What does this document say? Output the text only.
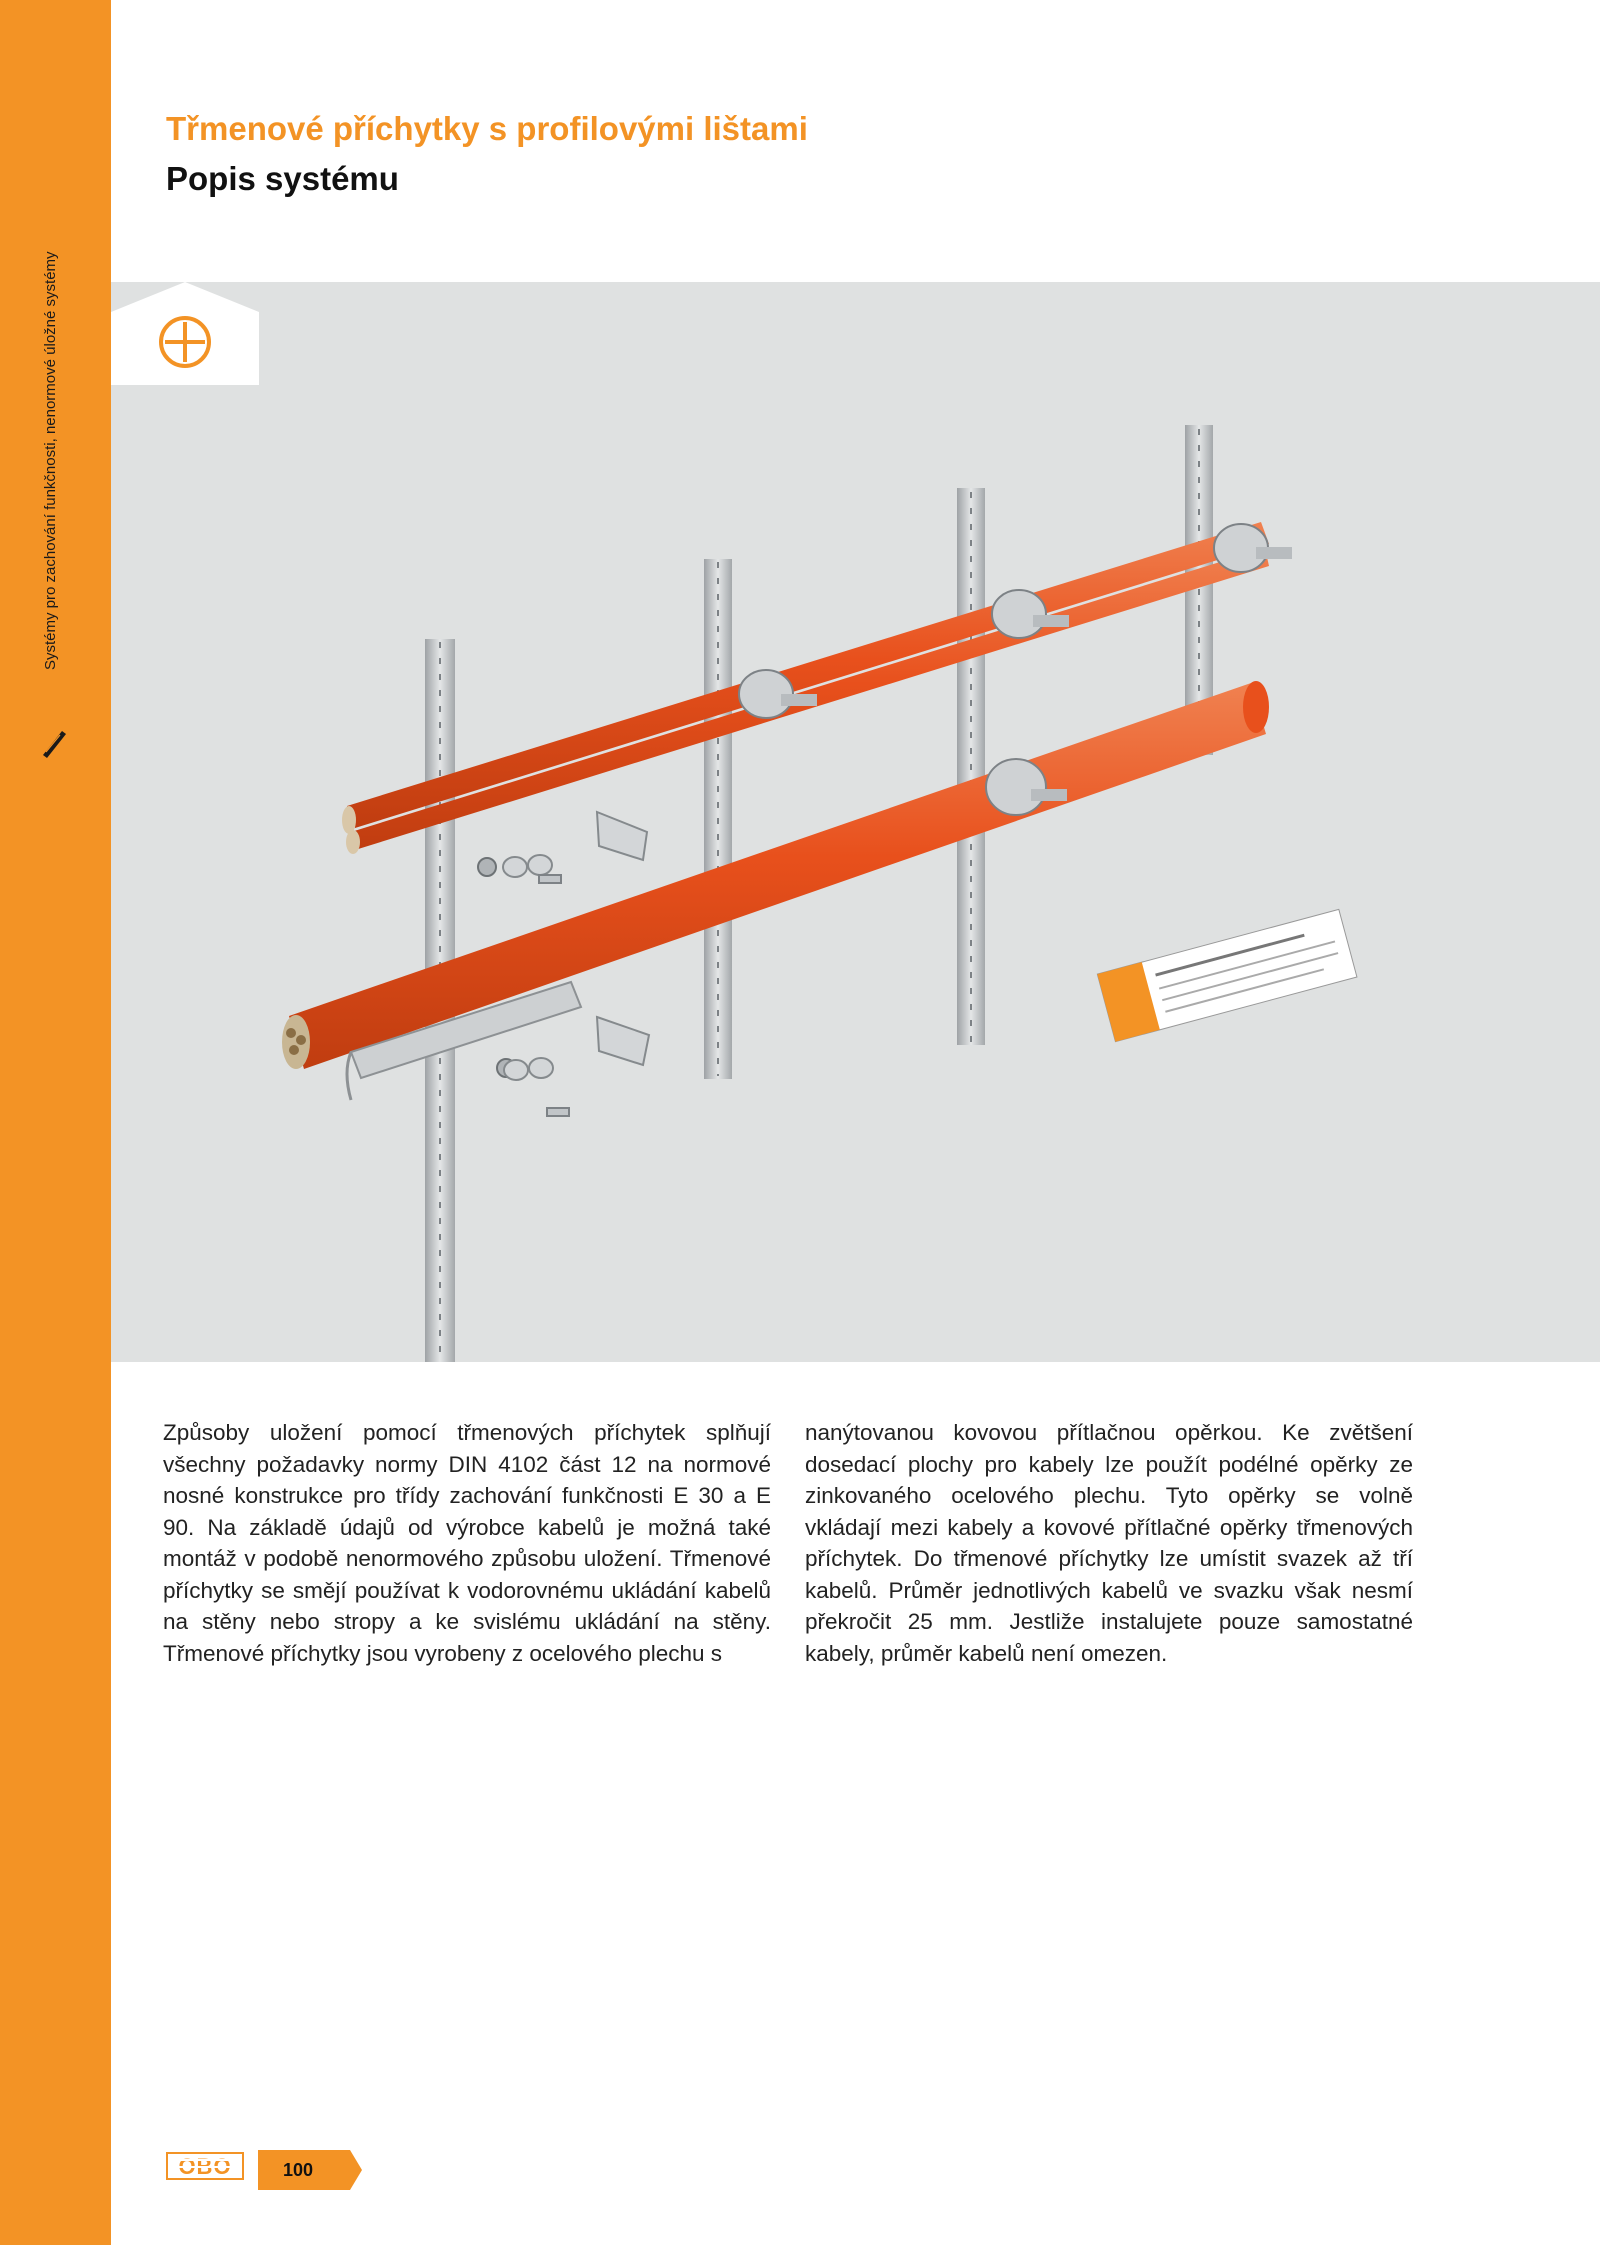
Systémy pro zachování funkčnosti, nenormové úložné systémy
Třmenové příchytky s profilovými lištami
Popis systému
Způsoby uložení pomocí třmenových příchytek splňují všechny požadavky normy DIN 4102 část 12 na normové nosné konstrukce pro třídy zachování funkčnosti E 30 a E 90. Na základě údajů od výrobce kabelů je možná také montáž v podobě nenormového způsobu uložení. Třmenové příchytky se smějí používat k vodorovnému ukládání kabelů na stěny nebo stropy a ke svislému ukládání na stěny. Třmenové příchytky jsou vyrobeny z ocelového plechu s
nanýtovanou kovovou přítlačnou opěrkou. Ke zvětšení dosedací plochy pro kabely lze použít podélné opěrky ze zinkovaného ocelového plechu. Tyto opěrky se volně vkládají mezi kabely a kovové přítlačné opěrky třmenových příchytek. Do třmenové příchytky lze umístit svazek až tří kabelů. Průměr jednotlivých kabelů ve svazku však nesmí překročit 25 mm. Jestliže instalujete pouze samostatné kabely, průměr kabelů není omezen.
OBO	100
